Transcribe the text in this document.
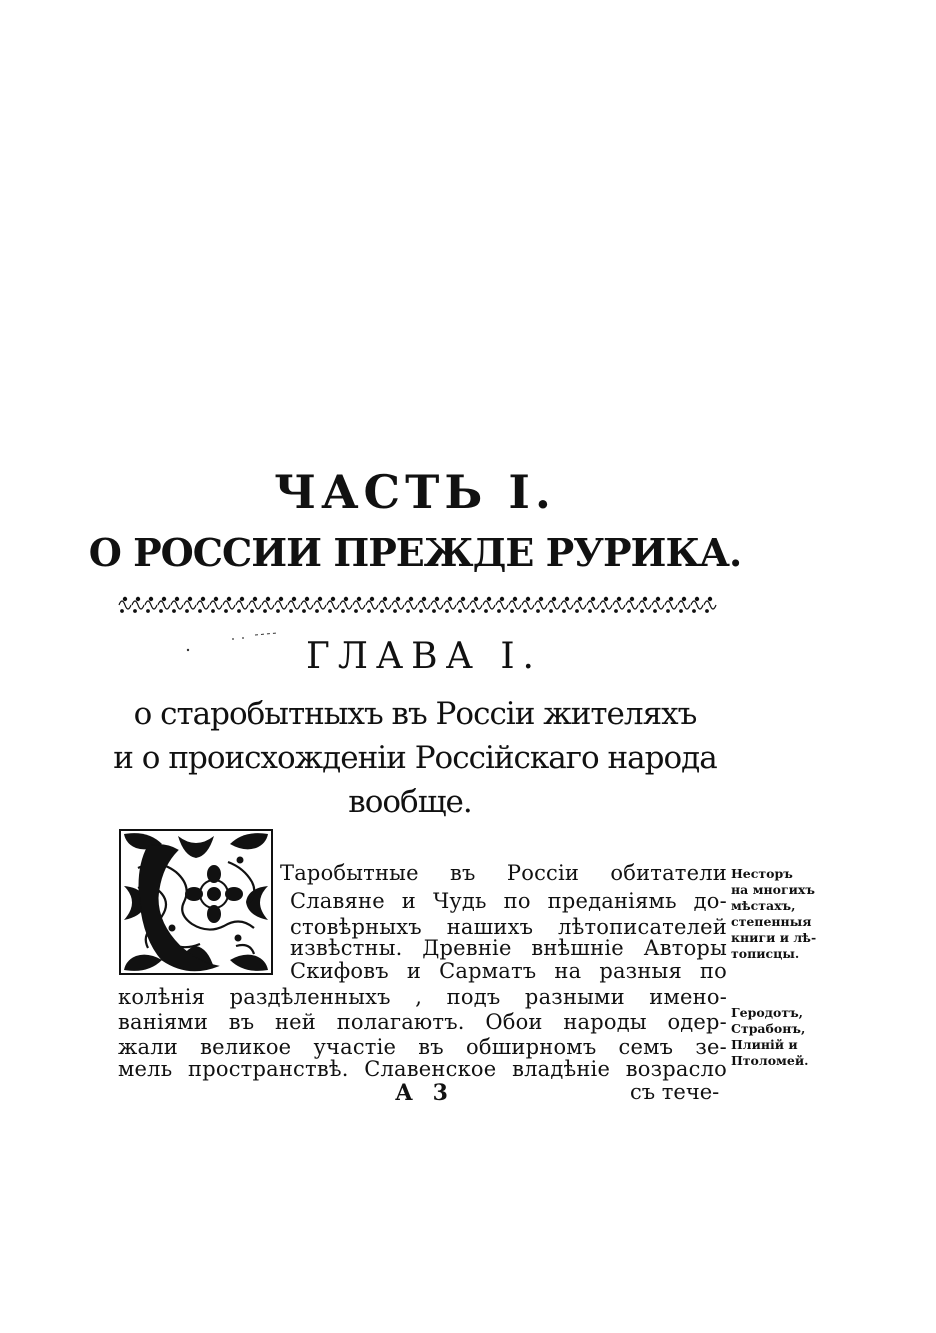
ЧАСТЬ I.
О РОССИИ ПРЕЖДЕ РУРИКА.
ГЛАВА I.
о старобытныхъ въ Россiи жителяхъ
и о происхожденiи Россiйскаго народа
вообще.
Таробытные въ Россiи обитатели
Славяне и Чудь по преданiямь до-
стовѣрныхъ нашихъ лѣтописателей
извѣстны. Древнiе внѣшнiе Авторы
Скифовъ и Сарматъ на разныя по
колѣнiя раздѣленныхъ , подъ разными имено-
ванiями въ ней полагаютъ. Обои народы одер-
жали великое участiе въ обширномъ семъ зе-
мель пространствѣ. Славенское владѣнiе возрасло
А 3	съ тече-
Несторъ
на многихъ
мѣстахъ,
степенныя
книги и лѣ-
тописцы.
Геродотъ,
Страбонъ,
Плинiй и
Птоломей.
